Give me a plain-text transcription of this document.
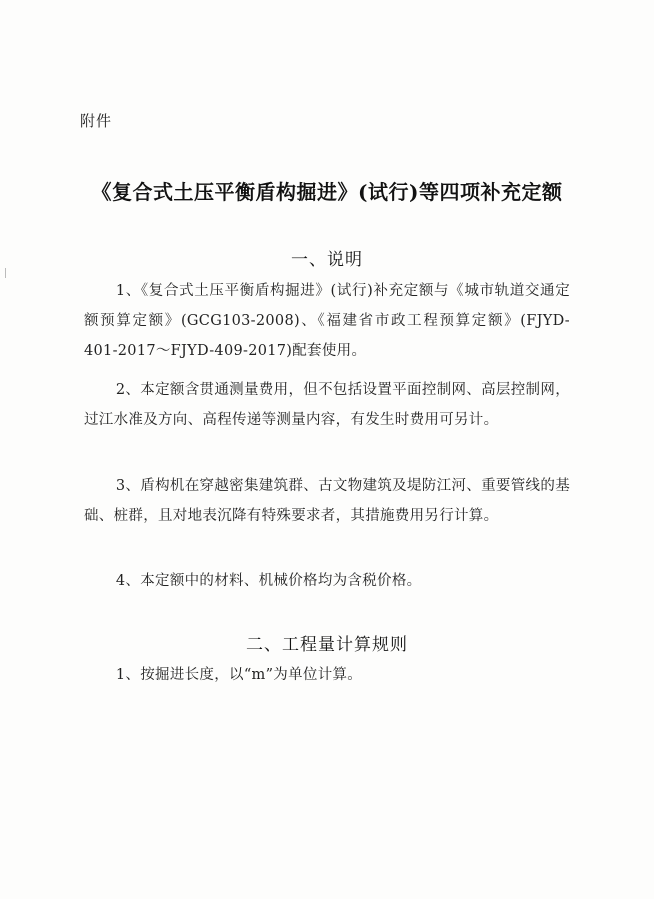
附件
《复合式土压平衡盾构掘进》(试行)等四项补充定额
一、说明
1、《复合式土压平衡盾构掘进》(试行)补充定额与《城市轨道交通定额预算定额》(GCG103-2008)、《福建省市政工程预算定额》(FJYD-401-2017～FJYD-409-2017)配套使用。
2、本定额含贯通测量费用，但不包括设置平面控制网、高层控制网，过江水准及方向、高程传递等测量内容，有发生时费用可另计。
3、盾构机在穿越密集建筑群、古文物建筑及堤防江河、重要管线的基础、桩群，且对地表沉降有特殊要求者，其措施费用另行计算。
4、本定额中的材料、机械价格均为含税价格。
二、工程量计算规则
1、按掘进长度，以“m”为单位计算。
